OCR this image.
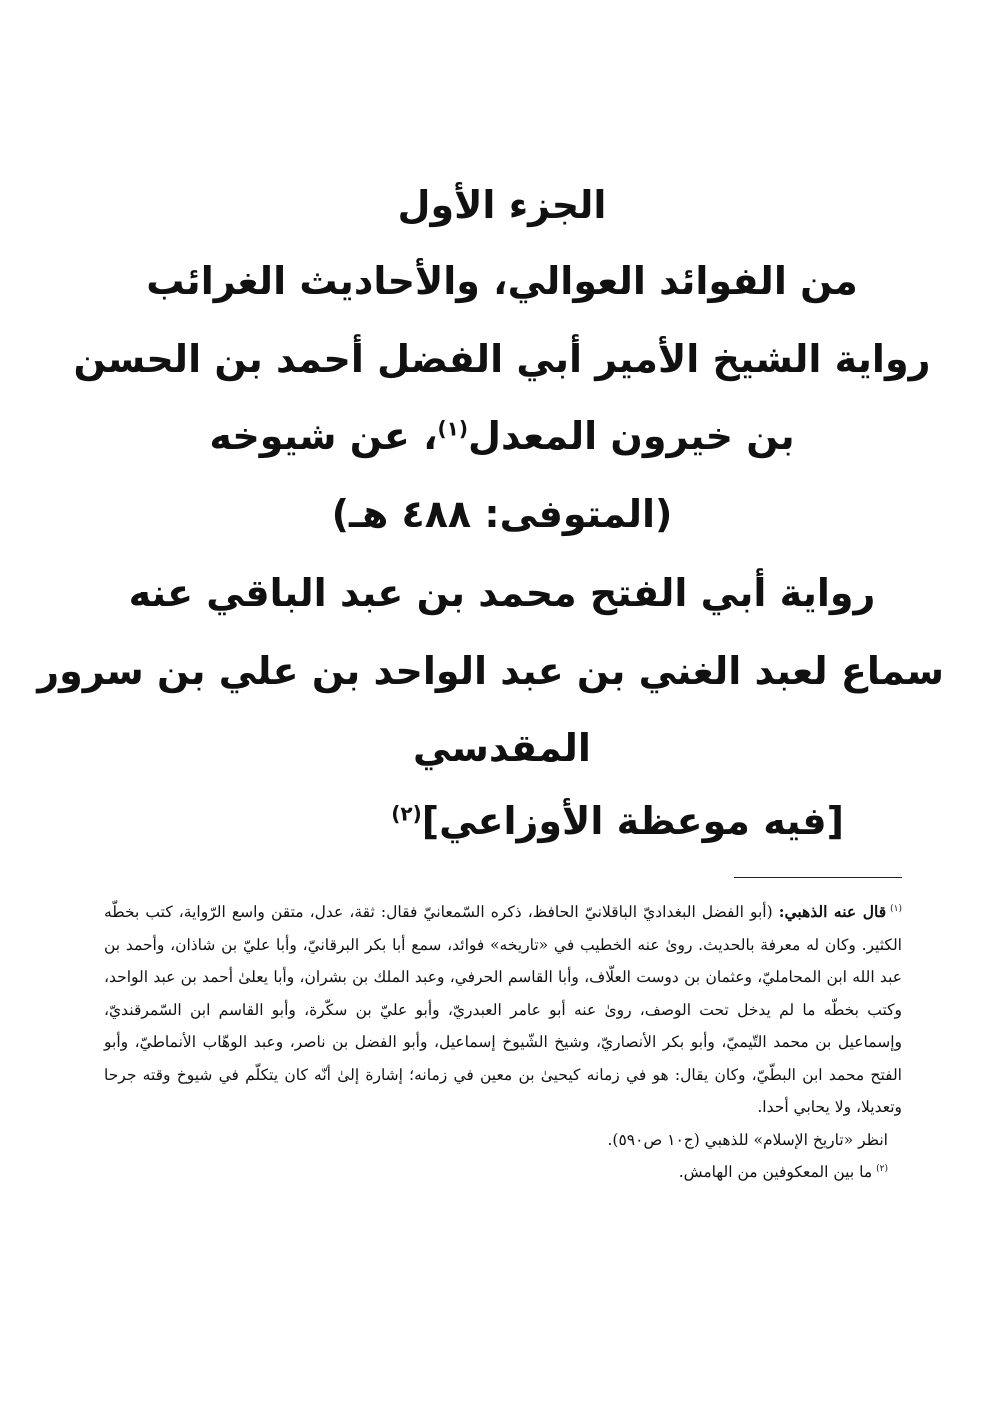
الجزء الأول
من الفوائد العوالي، والأحاديث الغرائب
رواية الشيخ الأمير أبي الفضل أحمد بن الحسن
بن خيرون المعدل$^{(١)}$، عن شيوخه
(المتوفى: ٤٨٨ هـ)
رواية أبي الفتح محمد بن عبد الباقي عنه
سماع لعبد الغني بن عبد الواحد بن علي بن سرور
المقدسي
[فيه موعظة الأوزاعي]$^{(٢)}$

$^{(١)}$قال عنه الذهبي: (أبو الفضل البغداديّ الباقلانيّ الحافظ، ذكره السّمعانيّ فقال: ثقة، عدل، متقن واسع الرّواية، كتب بخطّه الكثير. وكان له معرفة بالحديث. روىٰ عنه الخطيب في «تاريخه» فوائد، سمع أبا بكر البرقانيّ، وأبا عليّ بن شاذان، وأحمد بن عبد الله ابن المحامليّ، وعثمان بن دوست العلّاف، وأبا القاسم الحرفي، وعبد الملك بن بشران، وأبا يعلىٰ أحمد بن عبد الواحد، وكتب بخطّه ما لم يدخل تحت الوصف، روىٰ عنه أبو عامر العبدريّ، وأبو عليّ بن سكّرة، وأبو القاسم ابن السّمرقنديّ، وإسماعيل بن محمد التّيميّ، وأبو بكر الأنصاريّ، وشيخ الشّيوخ إسماعيل، وأبو الفضل بن ناصر، وعبد الوهّاب الأنماطيّ، وأبو الفتح محمد ابن البطّيّ، وكان يقال: هو في زمانه كيحيىٰ بن معين في زمانه؛ إشارة إلىٰ أنّه كان يتكلّم في شيوخ وقته جرحا وتعديلا، ولا يحابي أحدا.

انظر «تاريخ الإسلام» للذهبي (ج١٠ ص٥٩٠).

$^{(٢)}$ما بين المعكوفين من الهامش.
